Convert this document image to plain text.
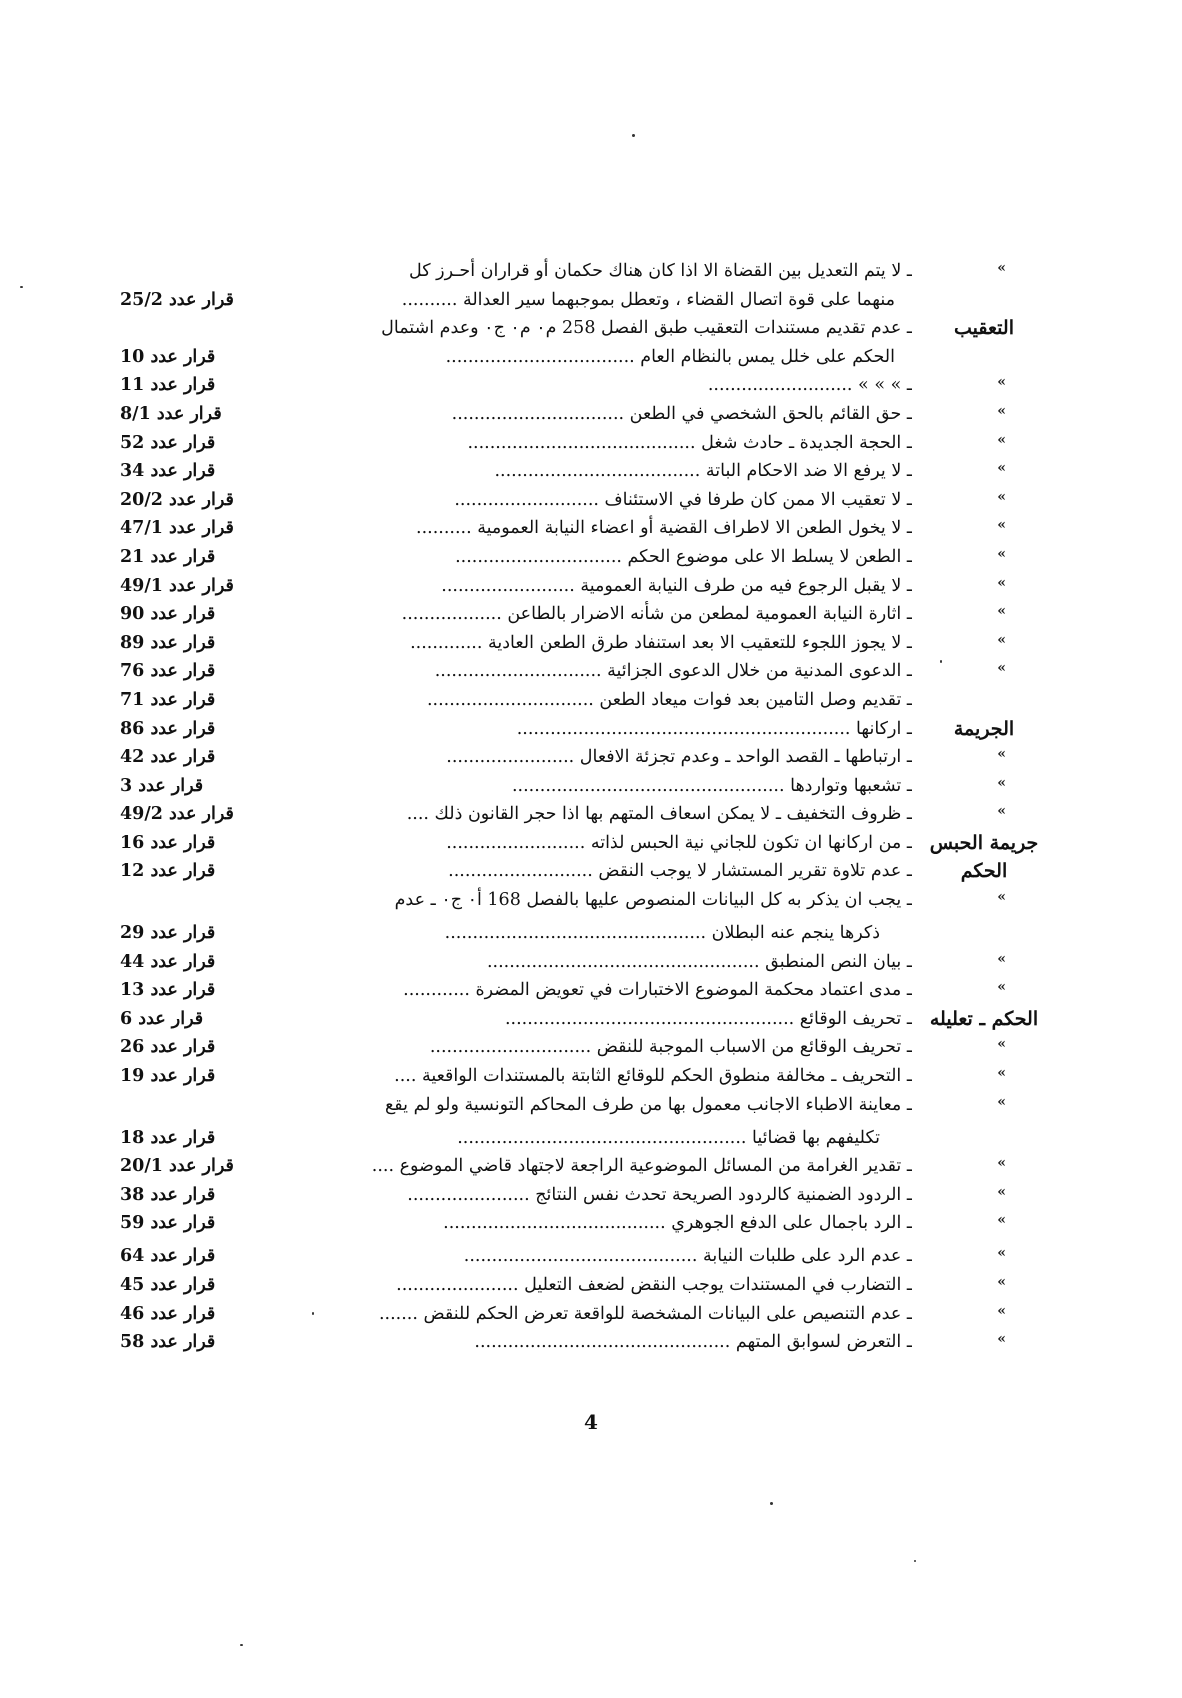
»
ـ لا يتم التعديل بين القضاة الا اذا كان هناك حكمان أو قراران أحـرز كل
منهما على قوة اتصال القضاء ، وتعطل بموجبهما سير العدالة ..........
قرار عدد 25/2
التعقيب
ـ عدم تقديم مستندات التعقيب طبق الفصل 258 م٠ م٠ ج٠ وعدم اشتمال
الحكم على خلل يمس بالنظام العام ..................................
قرار عدد 10
»
ـ » » » ..........................
قرار عدد 11
»
ـ حق القائم بالحق الشخصي في الطعن ...............................
قرار عدد 8/1
»
ـ الحجة الجديدة ـ حادث شغل .........................................
قرار عدد 52
»
ـ لا يرفع الا ضد الاحكام الباتة .....................................
قرار عدد 34
»
ـ لا تعقيب الا ممن كان طرفا في الاستئناف ..........................
قرار عدد 20/2
»
ـ لا يخول الطعن الا لاطراف القضية أو اعضاء النيابة العمومية ..........
قرار عدد 47/1
»
ـ الطعن لا يسلط الا على موضوع الحكم ..............................
قرار عدد 21
»
ـ لا يقبل الرجوع فيه من طرف النيابة العمومية ........................
قرار عدد 49/1
»
ـ اثارة النيابة العمومية لمطعن من شأنه الاضرار بالطاعن ..................
قرار عدد 90
»
ـ لا يجوز اللجوء للتعقيب الا بعد استنفاد طرق الطعن العادية .............
قرار عدد 89
»
ـ الدعوى المدنية من خلال الدعوى الجزائية ..............................
قرار عدد 76
ـ تقديم وصل التامين بعد فوات ميعاد الطعن ..............................
قرار عدد 71
الجريمة
ـ اركانها ............................................................
قرار عدد 86
»
ـ ارتباطها ـ القصد الواحد ـ وعدم تجزئة الافعال .......................
قرار عدد 42
»
ـ تشعبها وتواردها .................................................
قرار عدد 3
»
ـ ظروف التخفيف ـ لا يمكن اسعاف المتهم بها اذا حجر القانون ذلك ....
قرار عدد 49/2
جريمة الحبس
ـ من اركانها ان تكون للجاني نية الحبس لذاته .........................
قرار عدد 16
الحكم
ـ عدم تلاوة تقرير المستشار لا يوجب النقض ..........................
قرار عدد 12
»
ـ يجب ان يذكر به كل البيانات المنصوص عليها بالفصل 168 أ٠ ج٠ ـ عدم
ذكرها ينجم عنه البطلان ...............................................
قرار عدد 29
»
ـ بيان النص المنطبق .................................................
قرار عدد 44
»
ـ مدى اعتماد محكمة الموضوع الاختبارات في تعويض المضرة ............
قرار عدد 13
الحكم ـ تعليله
ـ تحريف الوقائع ....................................................
قرار عدد 6
»
ـ تحريف الوقائع من الاسباب الموجبة للنقض .............................
قرار عدد 26
»
ـ التحريف ـ مخالفة منطوق الحكم للوقائع الثابتة بالمستندات الواقعية ....
قرار عدد 19
»
ـ معاينة الاطباء الاجانب معمول بها من طرف المحاكم التونسية ولو لم يقع
تكليفهم بها قضائيا ....................................................
قرار عدد 18
»
ـ تقدير الغرامة من المسائل الموضوعية الراجعة لاجتهاد قاضي الموضوع ....
قرار عدد 20/1
»
ـ الردود الضمنية كالردود الصريحة تحدث نفس النتائج ......................
قرار عدد 38
»
ـ الرد باجمال على الدفع الجوهري ........................................
قرار عدد 59
»
ـ عدم الرد على طلبات النيابة ..........................................
قرار عدد 64
»
ـ التضارب في المستندات يوجب النقض لضعف التعليل ......................
قرار عدد 45
»
ـ عدم التنصيص على البيانات المشخصة للواقعة تعرض الحكم للنقض .......
قرار عدد 46
»
ـ التعرض لسوابق المتهم ..............................................
قرار عدد 58
4
